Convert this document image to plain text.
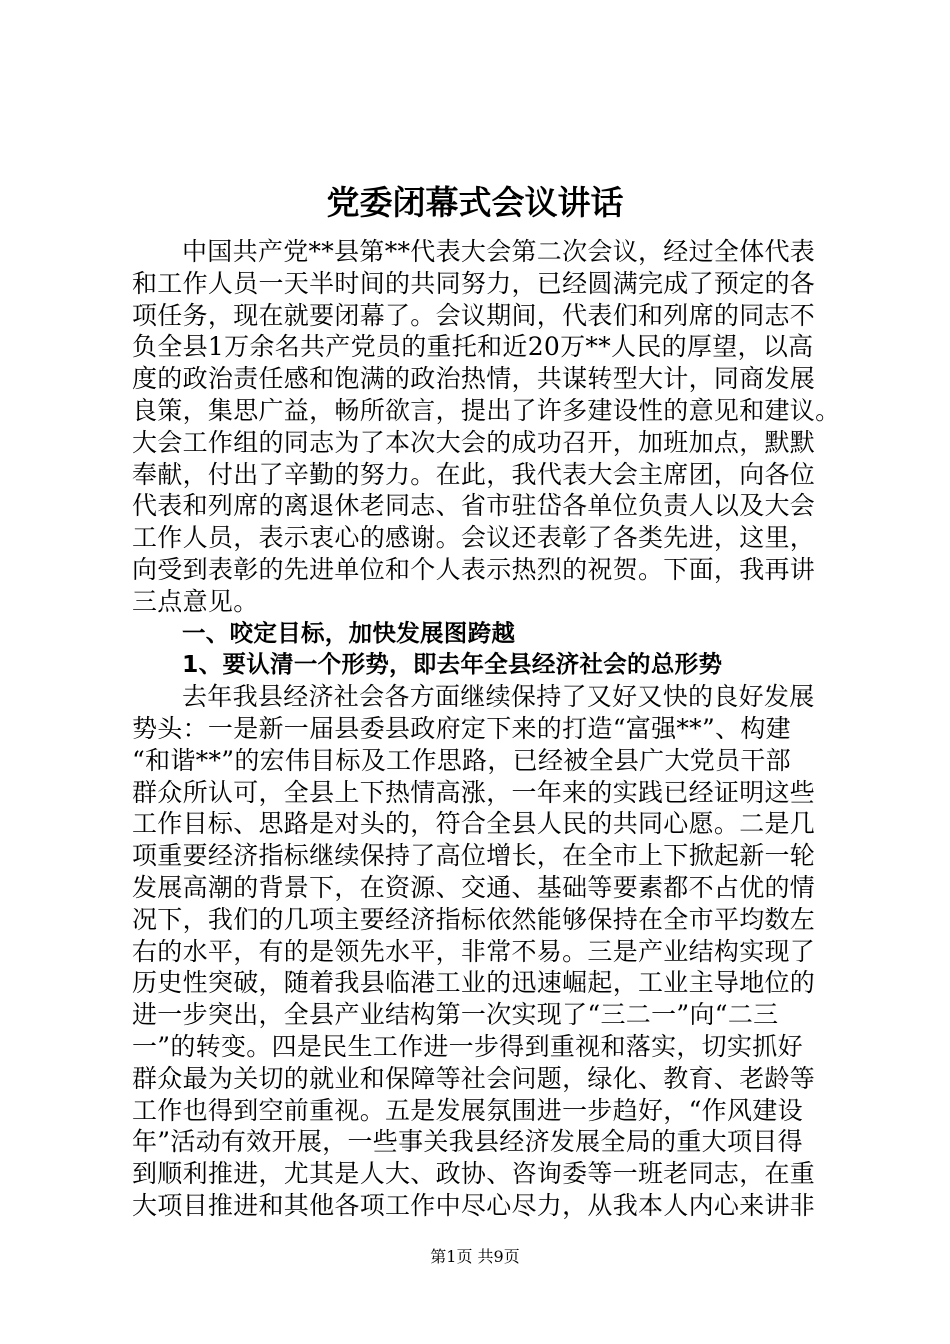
党委闭幕式会议讲话
中国共产党**县第**代表大会第二次会议，经过全体代表
和工作人员一天半时间的共同努力，已经圆满完成了预定的各
项任务，现在就要闭幕了。会议期间，代表们和列席的同志不
负全县1万余名共产党员的重托和近20万**人民的厚望，以高
度的政治责任感和饱满的政治热情，共谋转型大计，同商发展
良策，集思广益，畅所欲言，提出了许多建设性的意见和建议。
大会工作组的同志为了本次大会的成功召开，加班加点，默默
奉献，付出了辛勤的努力。在此，我代表大会主席团，向各位
代表和列席的离退休老同志、省市驻岱各单位负责人以及大会
工作人员，表示衷心的感谢。会议还表彰了各类先进，这里，
向受到表彰的先进单位和个人表示热烈的祝贺。下面，我再讲
三点意见。
一、咬定目标，加快发展图跨越
1、要认清一个形势，即去年全县经济社会的总形势
去年我县经济社会各方面继续保持了又好又快的良好发展
势头：一是新一届县委县政府定下来的打造“富强**”、构建
“和谐**”的宏伟目标及工作思路，已经被全县广大党员干部
群众所认可，全县上下热情高涨，一年来的实践已经证明这些
工作目标、思路是对头的，符合全县人民的共同心愿。二是几
项重要经济指标继续保持了高位增长，在全市上下掀起新一轮
发展高潮的背景下，在资源、交通、基础等要素都不占优的情
况下，我们的几项主要经济指标依然能够保持在全市平均数左
右的水平，有的是领先水平，非常不易。三是产业结构实现了
历史性突破，随着我县临港工业的迅速崛起，工业主导地位的
进一步突出，全县产业结构第一次实现了“三二一”向“二三
一”的转变。四是民生工作进一步得到重视和落实，切实抓好
群众最为关切的就业和保障等社会问题，绿化、教育、老龄等
工作也得到空前重视。五是发展氛围进一步趋好，“作风建设
年”活动有效开展，一些事关我县经济发展全局的重大项目得
到顺利推进，尤其是人大、政协、咨询委等一班老同志，在重
大项目推进和其他各项工作中尽心尽力，从我本人内心来讲非
第1页 共9页
